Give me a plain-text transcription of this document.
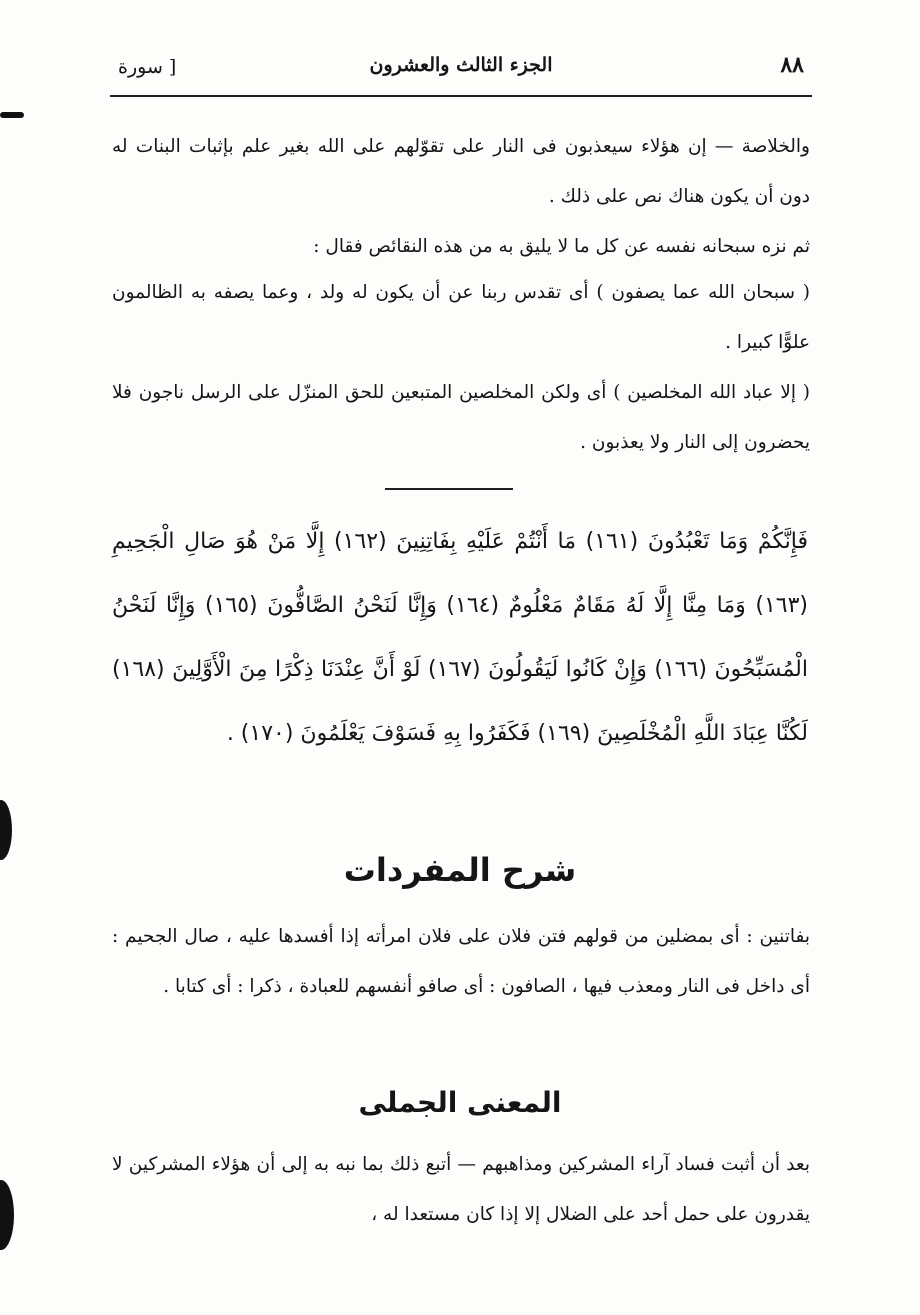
[ سورة	الجزء الثالث والعشرون	٨٨

والخلاصة — إن هؤلاء سيعذبون فى النار على تقوّلهم على الله بغير علم بإثبات البنات له دون أن يكون هناك نص على ذلك .

ثم نزه سبحانه نفسه عن كل ما لا يليق به من هذه النقائص فقال :

( سبحان الله عما يصفون ) أى تقدس ربنا عن أن يكون له ولد ، وعما يصفه به الظالمون علوًّا كبيرا .

( إلا عباد الله المخلصين ) أى ولكن المخلصين المتبعين للحق المنزّل على الرسل ناجون فلا يحضرون إلى النار ولا يعذبون .

فَإِنَّكُمْ وَمَا تَعْبُدُونَ (١٦١) مَا أَنْتُمْ عَلَيْهِ بِفَاتِنِينَ (١٦٢) إِلَّا مَنْ هُوَ صَالِ الْجَحِيمِ (١٦٣) وَمَا مِنَّا إِلَّا لَهُ مَقَامٌ مَعْلُومٌ (١٦٤) وَإِنَّا لَنَحْنُ الصَّافُّونَ (١٦٥) وَإِنَّا لَنَحْنُ الْمُسَبِّحُونَ (١٦٦) وَإِنْ كَانُوا لَيَقُولُونَ (١٦٧) لَوْ أَنَّ عِنْدَنَا ذِكْرًا مِنَ الْأَوَّلِينَ (١٦٨) لَكُنَّا عِبَادَ اللَّهِ الْمُخْلَصِينَ (١٦٩) فَكَفَرُوا بِهِ فَسَوْفَ يَعْلَمُونَ (١٧٠) .
شرح المفردات
بفاتنين : أى بمضلين من قولهم فتن فلان على فلان امرأته إذا أفسدها عليه ، صال الجحيم : أى داخل فى النار ومعذب فيها ، الصافون : أى صافو أنفسهم للعبادة ، ذكرا : أى كتابا .
المعنى الجملى
بعد أن أثبت فساد آراء المشركين ومذاهبهم — أتبع ذلك بما نبه به إلى أن هؤلاء المشركين لا يقدرون على حمل أحد على الضلال إلا إذا كان مستعدا له ،
